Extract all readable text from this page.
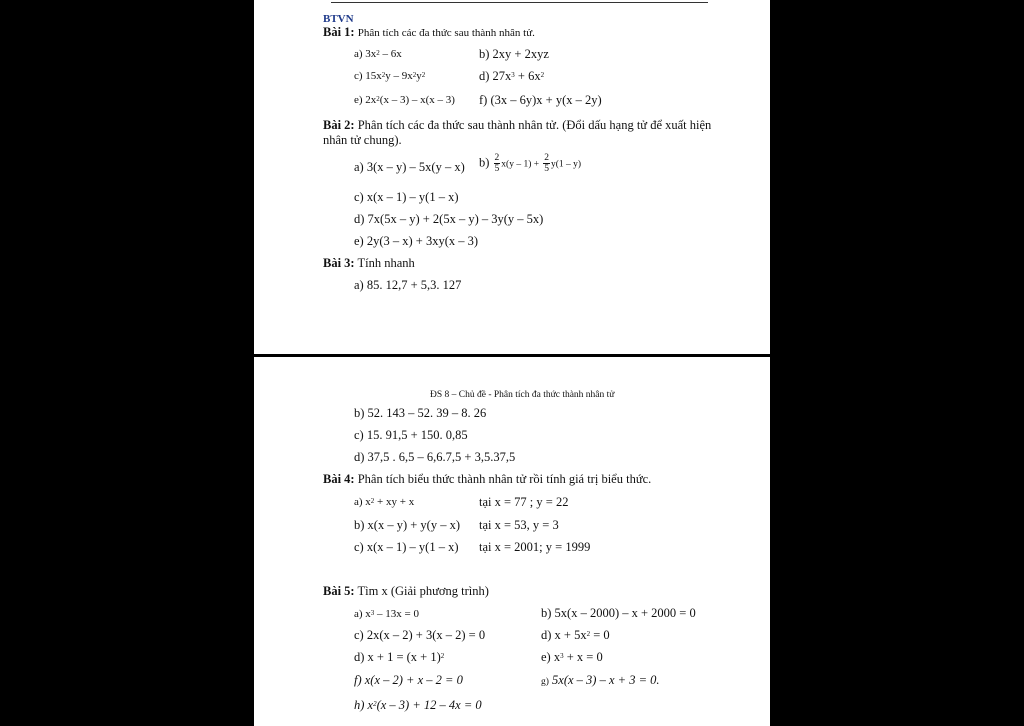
BTVN
Bài 1: Phân tích các đa thức sau thành nhân tử.
a) $3x^2 - 6x$	b) 2xy + 2xyz
c) $15x^2y - 9x^2y^2$	d) $27x^3 + 6x^2$
e) $2x^2(x - 3) - x(x - 3)$ f) (3x – 6y)x + y(x – 2y)
Bài 2: Phân tích các đa thức sau thành nhân tử. (Đổi dấu hạng tử để xuất hiện
nhân tử chung).
a) 3(x – y) – 5x(y – x) $b) \frac{2}{5} x(y - 1) + \frac{2}{5} y(1 - y)$
c) x(x – 1) – y(1 – x)
d) 7x(5x – y) + 2(5x – y) – 3y(y – 5x)
e) 2y(3 – x) + 3xy(x – 3)
Bài 3: Tính nhanh
a) 85. 12,7 + 5,3. 127
ĐS 8 – Chủ đề - Phân tích đa thức thành nhân tử
b) 52. 143 – 52. 39 – 8. 26
c) 15. 91,5 + 150. 0,85
d) 37,5 . 6,5 – 6,6.7,5 + 3,5.37,5
Bài 4: Phân tích biểu thức thành nhân tử rồi tính giá trị biểu thức.
a) $x^2$ + xy + x	tại x = 77 ; y = 22
b) x(x – y) + y(y – x) tại x = 53, y = 3
c) x(x – 1) – y(1 – x) tại x = 2001; y = 1999
Bài 5: Tìm x (Giải phương trình)
a) $x^3 - 13x = 0$	b) 5x(x – 2000) – x + 2000 = 0
c) 2x(x – 2) + 3(x – 2) = 0	d) $x + 5x^2 = 0$
d) $x + 1 = (x + 1)^2$	e) $x^3 + x = 0$
f) x(x – 2) + x – 2 = 0	g) 5x(x – 3) – x + 3 = 0.
h) $x^2(x - 3) + 12 - 4x = 0$
